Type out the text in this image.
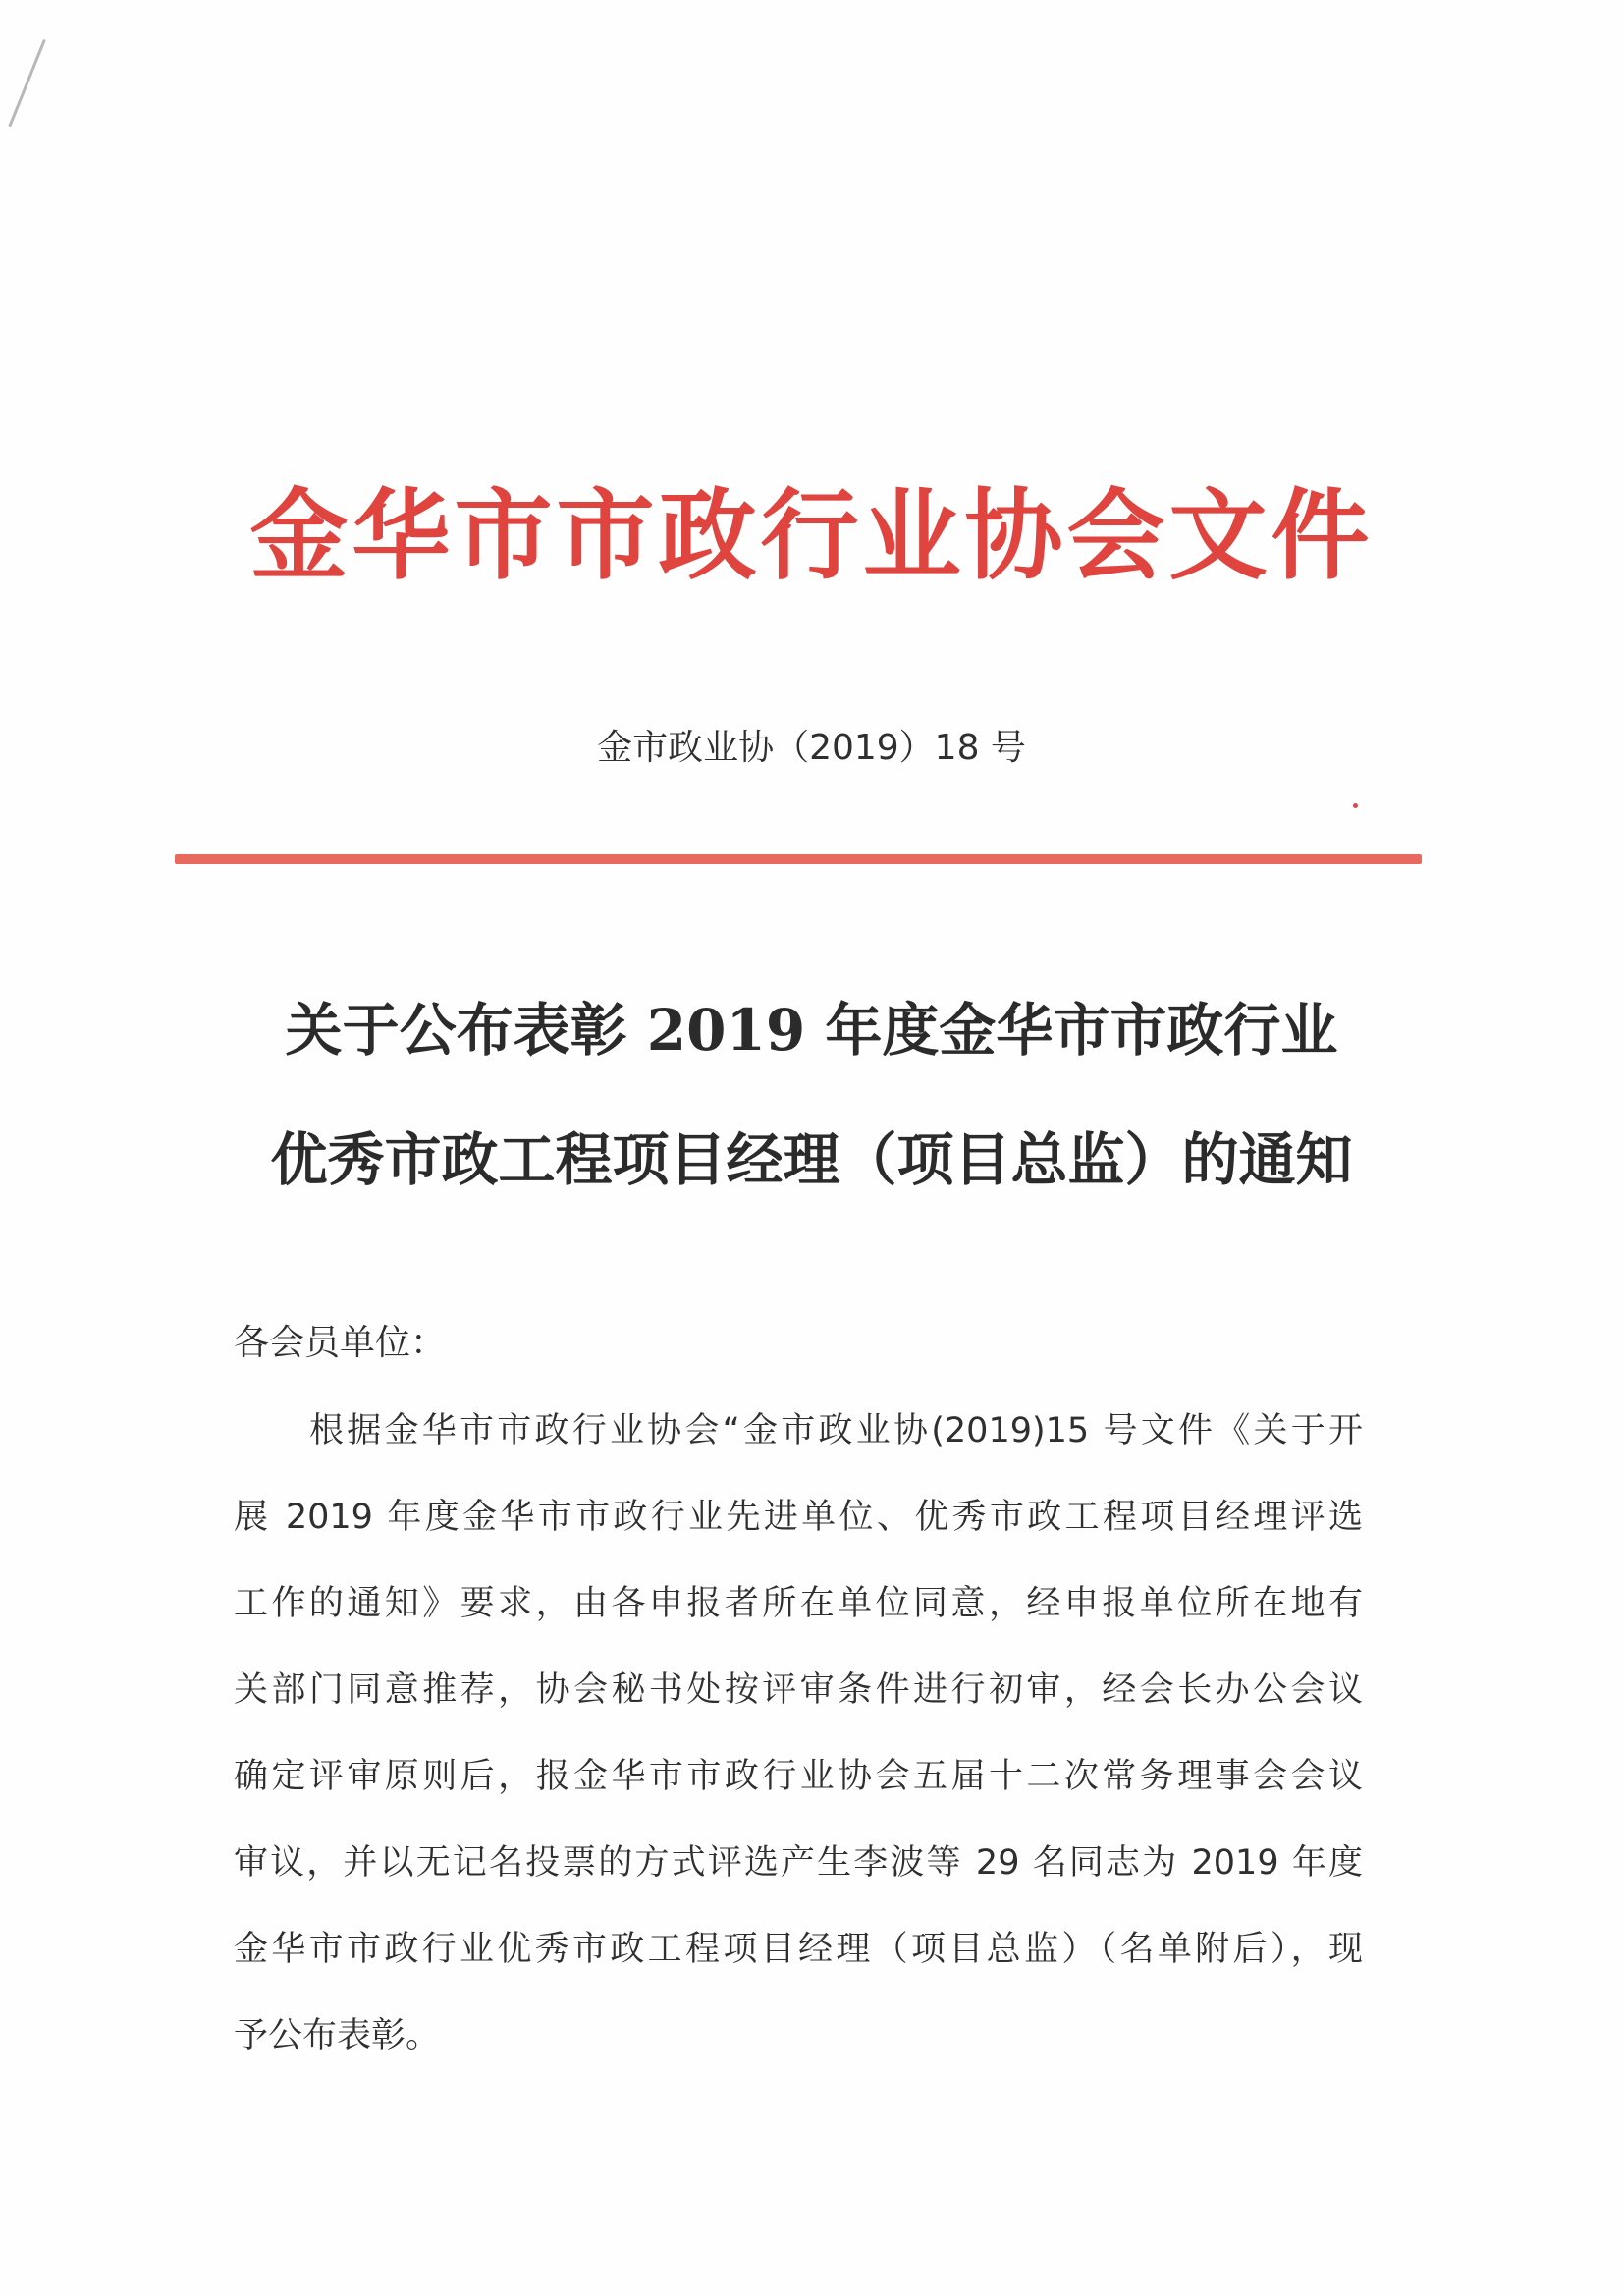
金华市市政行业协会文件
金市政业协（2019）18 号
关于公布表彰 2019 年度金华市市政行业
优秀市政工程项目经理（项目总监）的通知
各会员单位：
根据金华市市政行业协会“金市政业协(2019)15 号文件《关于开
展 2019 年度金华市市政行业先进单位、优秀市政工程项目经理评选
工作的通知》要求，由各申报者所在单位同意，经申报单位所在地有
关部门同意推荐，协会秘书处按评审条件进行初审，经会长办公会议
确定评审原则后，报金华市市政行业协会五届十二次常务理事会会议
审议，并以无记名投票的方式评选产生李波等 29 名同志为 2019 年度
金华市市政行业优秀市政工程项目经理（项目总监）（名单附后），现
予公布表彰。
